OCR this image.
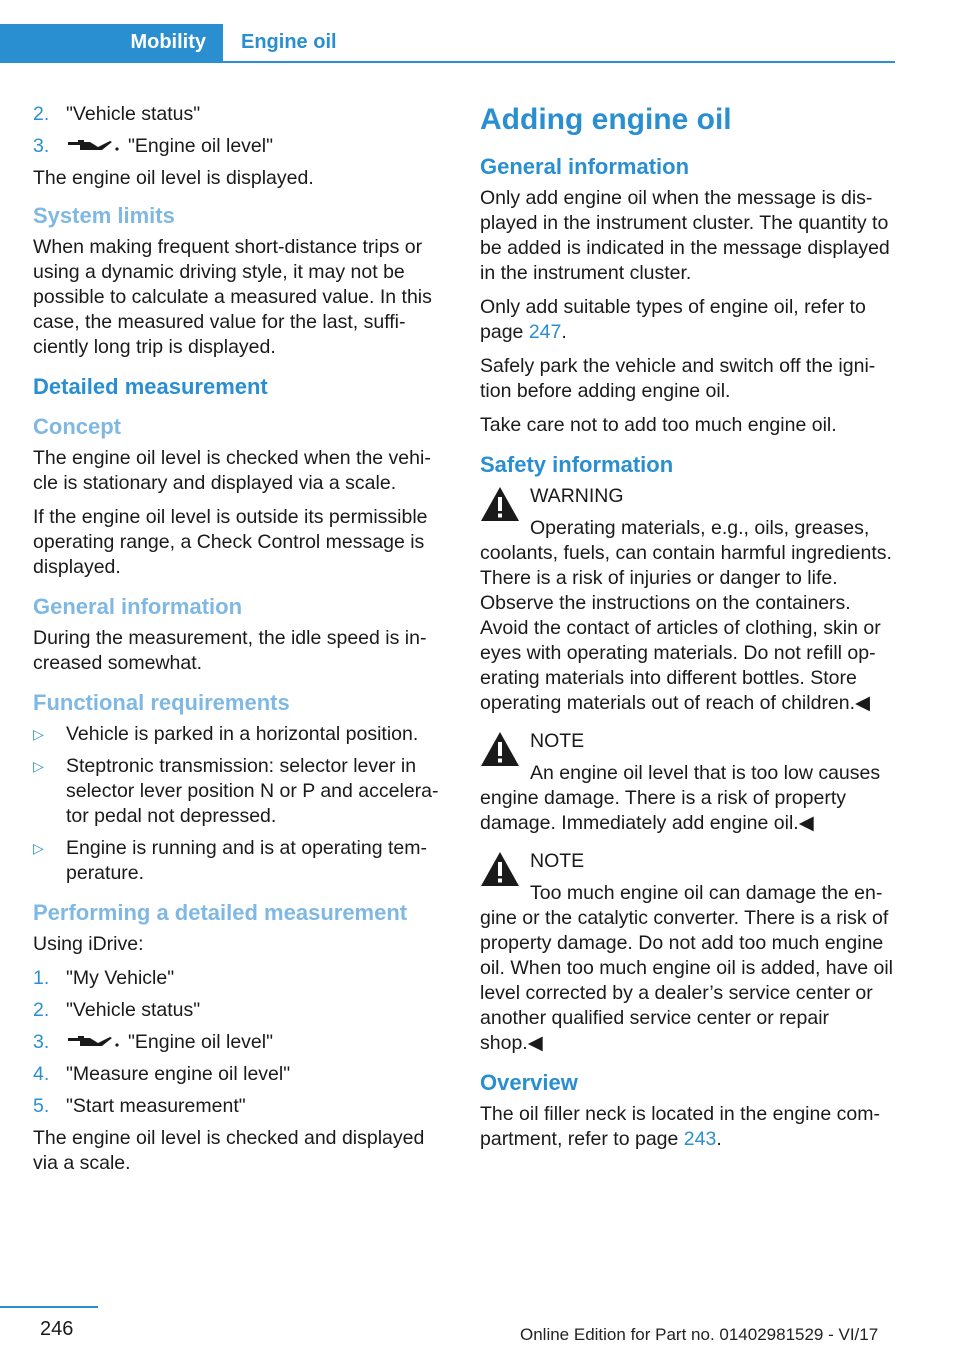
Mobility	Engine oil
2. "Vehicle status"
3.	"Engine oil level"

The engine oil level is displayed.

System limits

When making frequent short-distance trips or using a dynamic driving style, it may not be possible to calculate a measured value. In this case, the measured value for the last, sufficiently long trip is displayed.

Detailed measurement
Concept

The engine oil level is checked when the vehicle is stationary and displayed via a scale.

If the engine oil level is outside its permissible operating range, a Check Control message is displayed.

General information

During the measurement, the idle speed is increased somewhat.

Functional requirements
▷	Vehicle is parked in a horizontal position.
▷	Steptronic transmission: selector lever in selector lever position N or P and accelerator pedal not depressed.
▷	Engine is running and is at operating temperature.
Performing a detailed measurement

Using iDrive:

1. "My Vehicle"
2. "Vehicle status"
3.	"Engine oil level"
4. "Measure engine oil level"
5. "Start measurement"

The engine oil level is checked and displayed via a scale.

Adding engine oil
General information

Only add engine oil when the message is displayed in the instrument cluster. The quantity to be added is indicated in the message displayed in the instrument cluster.

Only add suitable types of engine oil, refer to page 247.

Safely park the vehicle and switch off the ignition before adding engine oil.

Take care not to add too much engine oil.

Safety information
WARNING
Operating materials, e.g., oils, greases, coolants, fuels, can contain harmful ingredients. There is a risk of injuries or danger to life. Observe the instructions on the containers. Avoid the contact of articles of clothing, skin or eyes with operating materials. Do not refill operating materials into different bottles. Store operating materials out of reach of children.◀
NOTE
An engine oil level that is too low causes engine damage. There is a risk of property damage. Immediately add engine oil.◀
NOTE
Too much engine oil can damage the engine or the catalytic converter. There is a risk of property damage. Do not add too much engine oil. When too much engine oil is added, have oil level corrected by a dealer’s service center or another qualified service center or repair shop.◀
Overview

The oil filler neck is located in the engine compartment, refer to page 243.

246	Online Edition for Part no. 01402981529 - VI/17
